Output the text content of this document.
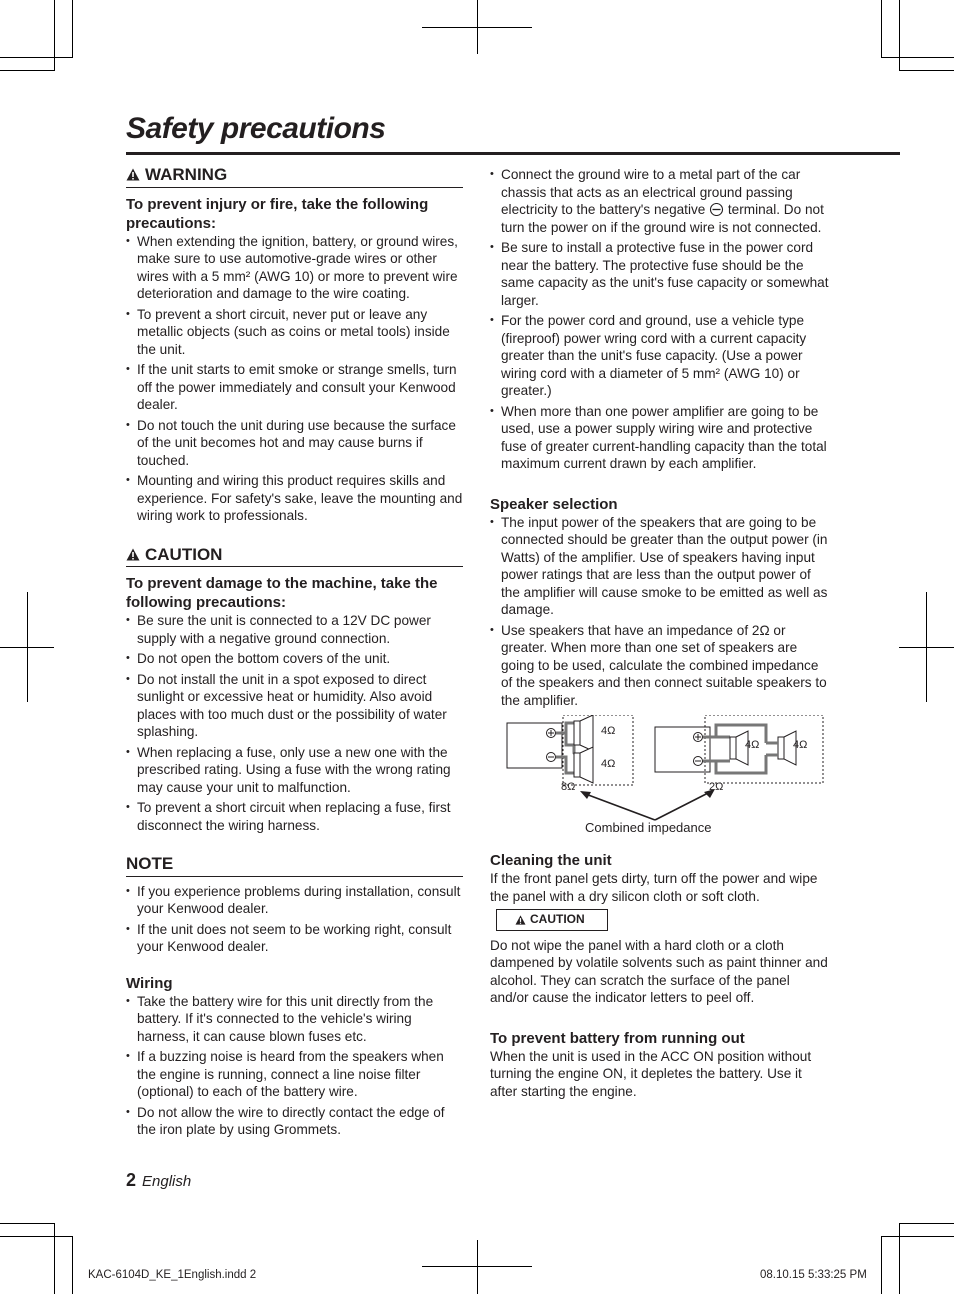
Safety precautions
WARNING

To prevent injury or fire, take the following precautions:

• When extending the ignition, battery, or ground wires, make sure to use automotive-grade wires or other wires with a 5 mm² (AWG 10) or more to prevent wire deterioration and damage to the wire coating.
• To prevent a short circuit, never put or leave any metallic objects (such as coins or metal tools) inside the unit.
• If the unit starts to emit smoke or strange smells, turn off the power immediately and consult your Kenwood dealer.
• Do not touch the unit during use because the surface of the unit becomes hot and may cause burns if touched.
• Mounting and wiring this product requires skills and experience. For safety's sake, leave the mounting and wiring work to professionals.
CAUTION

To prevent damage to the machine, take the following precautions:

• Be sure the unit is connected to a 12V DC power supply with a negative ground connection.
• Do not open the bottom covers of the unit.
• Do not install the unit in a spot exposed to direct sunlight or excessive heat or humidity. Also avoid places with too much dust or the possibility of water splashing.
• When replacing a fuse, only use a new one with the prescribed rating. Using a fuse with the wrong rating may cause your unit to malfunction.
• To prevent a short circuit when replacing a fuse, first disconnect the wiring harness.
NOTE
• If you experience problems during installation, consult your Kenwood dealer.
• If the unit does not seem to be working right, consult your Kenwood dealer.

Wiring

• Take the battery wire for this unit directly from the battery. If it's connected to the vehicle's wiring harness, it can cause blown fuses etc.
• If a buzzing noise is heard from the speakers when the engine is running, connect a line noise filter (optional) to each of the battery wire.
• Do not allow the wire to directly contact the edge of the iron plate by using Grommets.
• Connect the ground wire to a metal part of the car chassis that acts as an electrical ground passing electricity to the battery's negative terminal. Do not turn the power on if the ground wire is not connected.
• Be sure to install a protective fuse in the power cord near the battery. The protective fuse should be the same capacity as the unit's fuse capacity or somewhat larger.
• For the power cord and ground, use a vehicle type (fireproof) power wring cord with a current capacity greater than the unit's fuse capacity. (Use a power wiring cord with a diameter of 5 mm² (AWG 10) or greater.)
• When more than one power amplifier are going to be used, use a power supply wiring wire and protective fuse of greater current-handling capacity than the total maximum current drawn by each amplifier.

Speaker selection

• The input power of the speakers that are going to be connected should be greater than the output power (in Watts) of the amplifier. Use of speakers having input power ratings that are less than the output power of the amplifier will cause smoke to be emitted as well as damage.
• Use speakers that have an impedance of 2Ω or greater. When more than one set of speakers are going to be used, calculate the combined impedance of the speakers and then connect suitable speakers to the amplifier.
4Ω
4Ω
8Ω
4Ω	4Ω
2Ω
Combined impedance

Cleaning the unit

If the front panel gets dirty, turn off the power and wipe the panel with a dry silicon cloth or soft cloth.

CAUTION

Do not wipe the panel with a hard cloth or a cloth dampened by volatile solvents such as paint thinner and alcohol. They can scratch the surface of the panel and/or cause the indicator letters to peel off.

To prevent battery from running out

When the unit is used in the ACC ON position without turning the engine ON, it depletes the battery. Use it after starting the engine.

2 English
KAC-6104D_KE_1English.indd 2	08.10.15 5:33:25 PM
